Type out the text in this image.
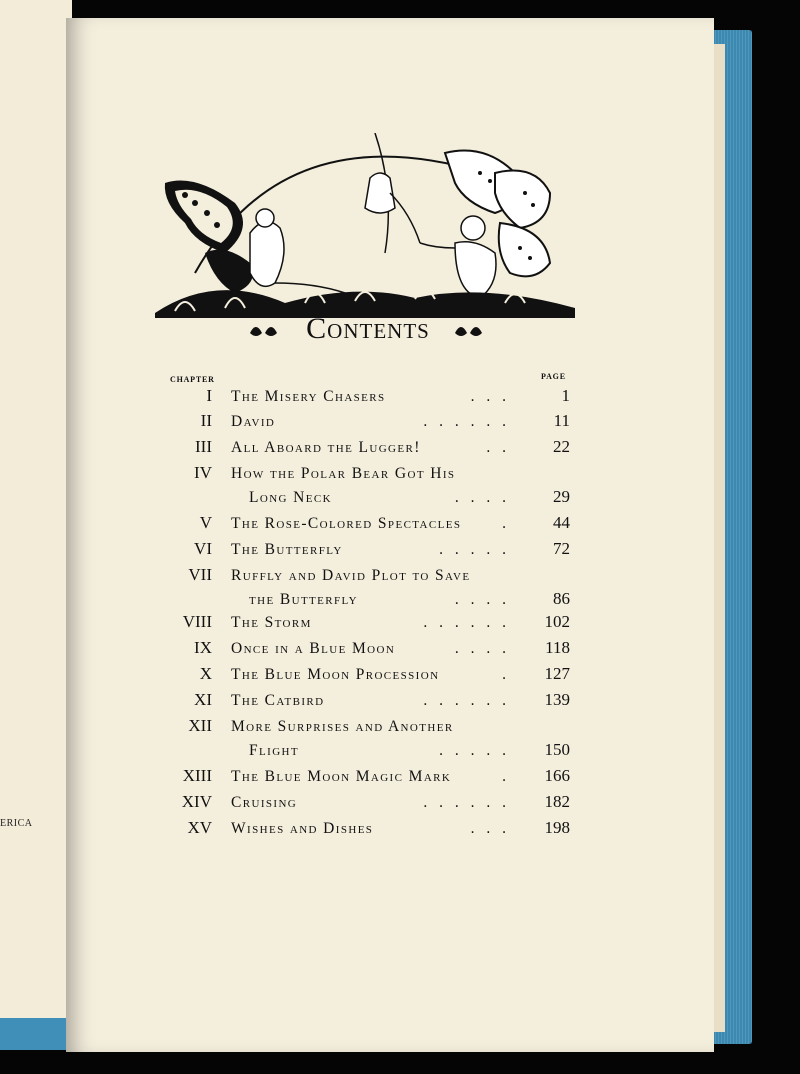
ERICA
Contents
CHAPTER	PAGE
I The Misery Chasers	. . .	1
II David	. . . . . .	11
III All Aboard the Lugger!	. .	22
IV How the Polar Bear Got His
Long Neck	. . . .	29
V The Rose-Colored Spectacles	.	44
VI The Butterfly	. . . . .	72
VII Ruffly and David Plot to Save
the Butterfly	. . . .	86
VIII The Storm	. . . . . .	102
IX Once in a Blue Moon	. . . .	118
X The Blue Moon Procession	.	127
XI The Catbird	. . . . . .	139
XII More Surprises and Another
Flight	. . . . .	150
XIII The Blue Moon Magic Mark	.	166
XIV Cruising	. . . . . .	182
XV Wishes and Dishes	. . .	198
